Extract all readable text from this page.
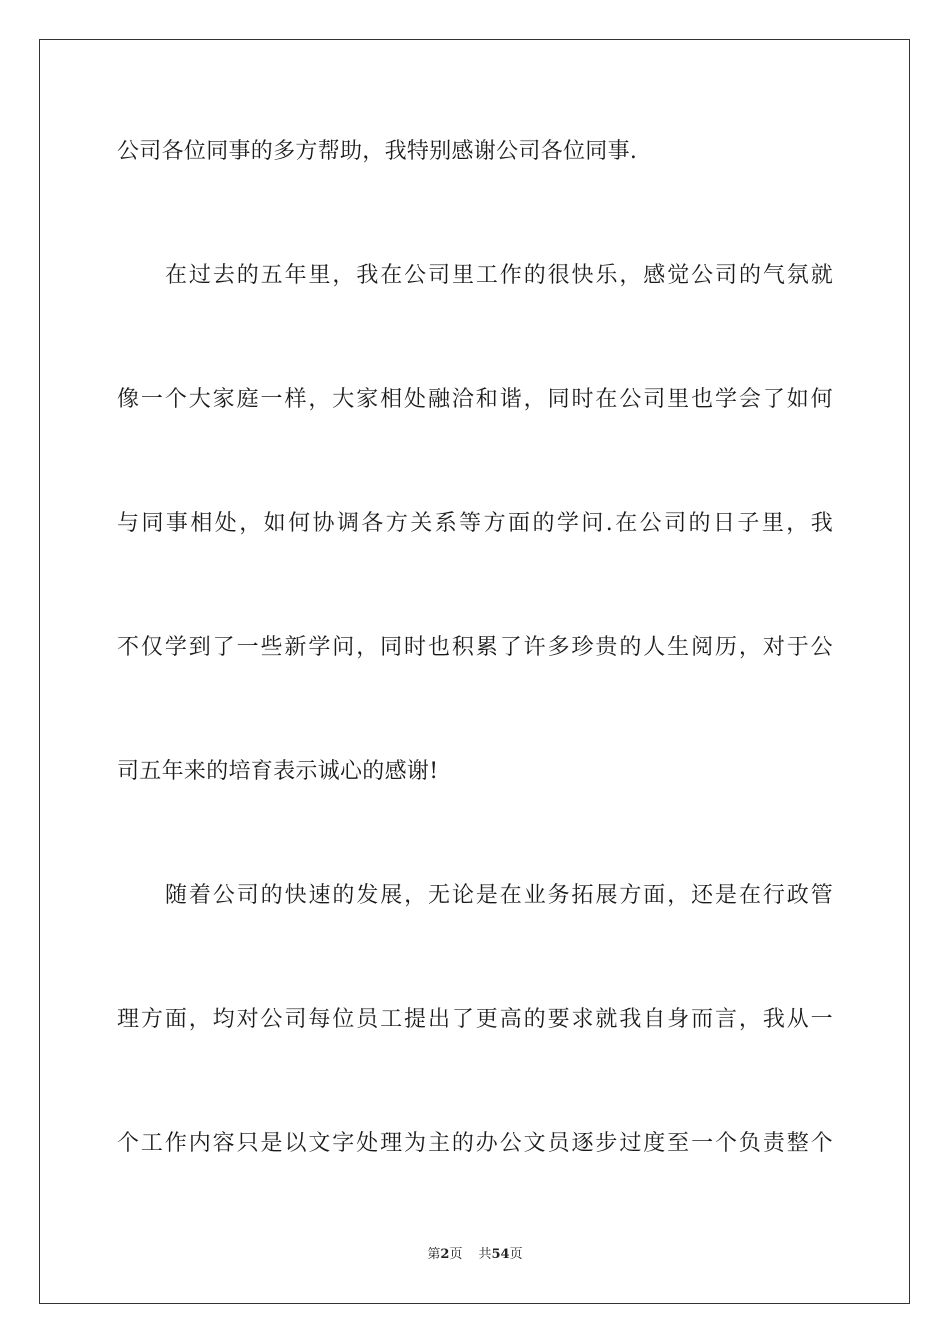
公司各位同事的多方帮助，我特别感谢公司各位同事.
在过去的五年里，我在公司里工作的很快乐，感觉公司的气氛就
像一个大家庭一样，大家相处融洽和谐，同时在公司里也学会了如何
与同事相处，如何协调各方关系等方面的学问.在公司的日子里，我
不仅学到了一些新学问，同时也积累了许多珍贵的人生阅历，对于公
司五年来的培育表示诚心的感谢!
随着公司的快速的发展，无论是在业务拓展方面，还是在行政管
理方面，均对公司每位员工提出了更高的要求就我自身而言，我从一
个工作内容只是以文字处理为主的办公文员逐步过度至一个负责整个
第2页 共54页
